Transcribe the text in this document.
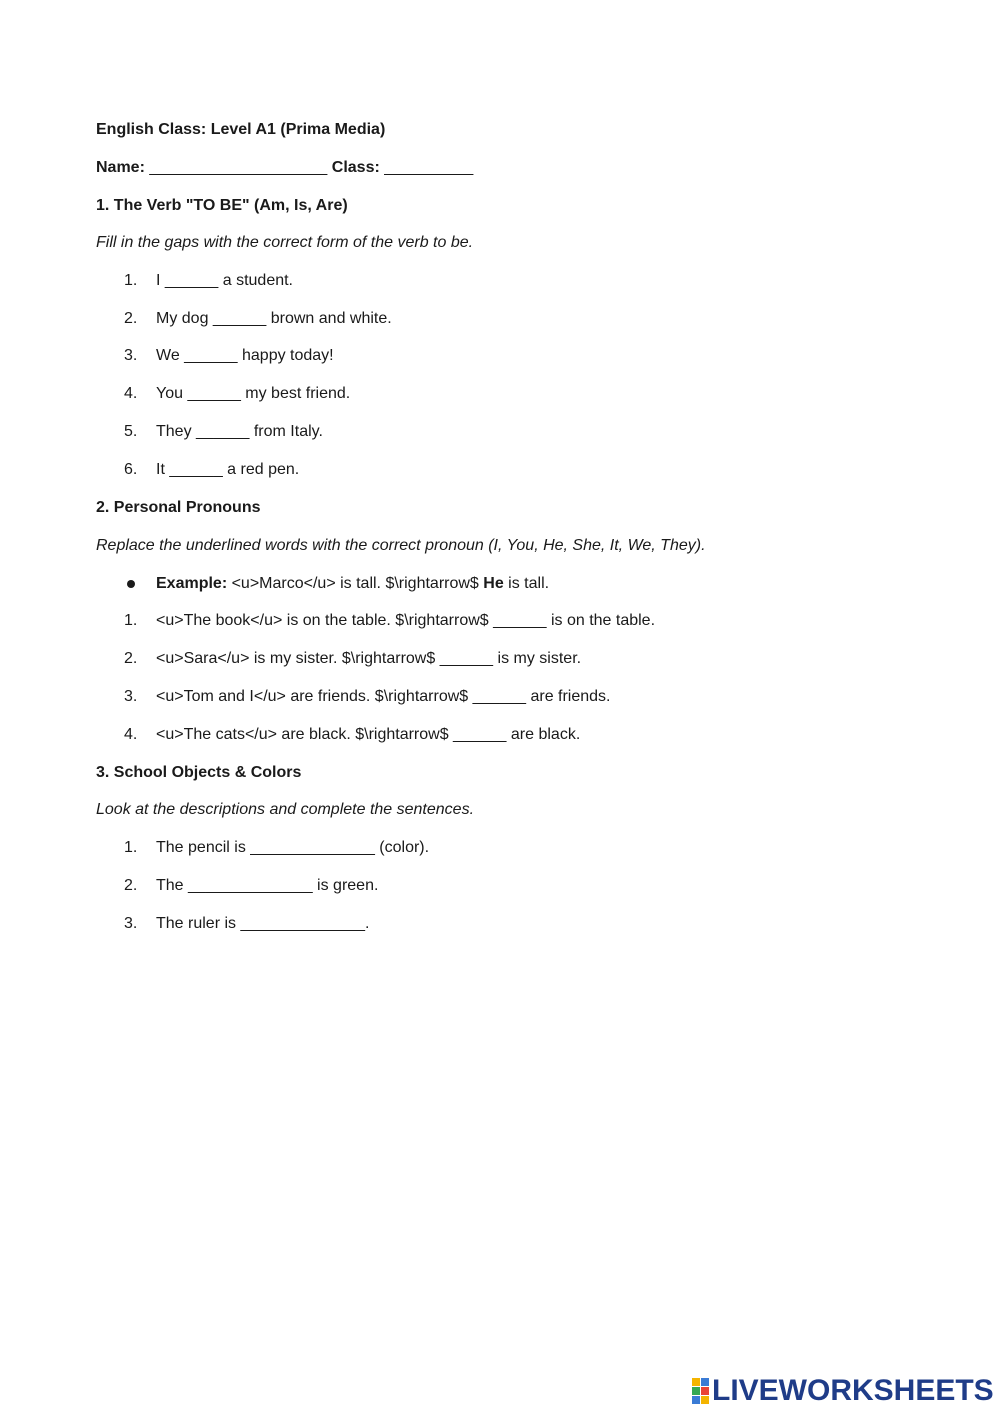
English Class: Level A1 (Prima Media)
Name: ____________________ Class: __________
1. The Verb "TO BE" (Am, Is, Are)
Fill in the gaps with the correct form of the verb to be.
1.	I ______ a student.
2.	My dog ______ brown and white.
3.	We ______ happy today!
4.	You ______ my best friend.
5.	They ______ from Italy.
6.	It ______ a red pen.
2. Personal Pronouns
Replace the underlined words with the correct pronoun (I, You, He, She, It, We, They).
Example: <u>Marco</u> is tall. $\rightarrow$ He is tall.
1.	<u>The book</u> is on the table. $\rightarrow$ ______ is on the table.
2.	<u>Sara</u> is my sister. $\rightarrow$ ______ is my sister.
3.	<u>Tom and I</u> are friends. $\rightarrow$ ______ are friends.
4.	<u>The cats</u> are black. $\rightarrow$ ______ are black.
3. School Objects & Colors
Look at the descriptions and complete the sentences.
1.	The pencil is ______________ (color).
2.	The ______________ is green.
3.	The ruler is ______________.
LIVEWORKSHEETS
